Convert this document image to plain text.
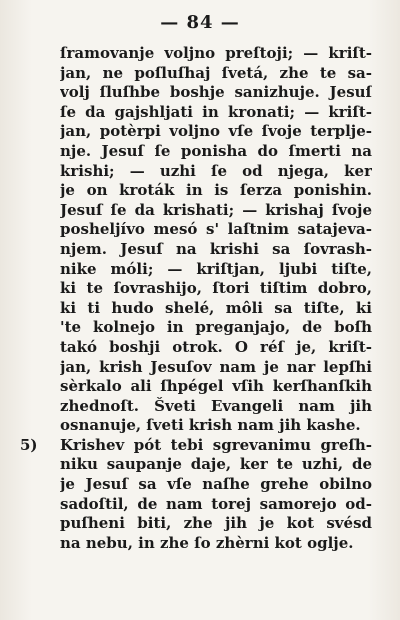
— 84 —
ſramovanje voljno preſtoji; — kriſt-
jan, ne poſluſhaj ſvetá, zhe te sa-
volj ſluſhbe boshje sanizhuje. Jesuſ
ſe da gajshljati in kronati; — kriſt-
jan, potèrpi voljno vſe ſvoje terplje-
nje. Jesuſ ſe ponisha do ſmerti na
krishi; — uzhi ſe od njega, ker
je on kroták in is ſerza ponishin.
Jesuſ ſe da krishati; — krishaj ſvoje
posheljívo mesó s' laſtnim satajeva-
njem. Jesuſ na krishi sa ſovrash-
nike móli; — kriſtjan, ljubi tiſte,
ki te ſovrashijo, ſtori tiſtim dobro,
ki ti hudo shelé, môli sa tiſte, ki
'te kolnejo in preganjajo, de boſh
takó boshji otrok. O réſ je, kriſt-
jan, krish Jesuſov nam je nar lepſhi
sèrkalo ali ſhpégel vſih kerſhanſkih
zhednoſt. Šveti Evangeli nam jih
osnanuje, ſveti krish nam jih kashe.
Krishev pót tebi sgrevanimu greſh-
niku saupanje daje, ker te uzhi, de
je Jesuſ sa vſe naſhe grehe obilno
sadoſtil, de nam torej samorejo od-
puſheni biti, zhe jih je kot svésd
na nebu, in zhe ſo zhèrni kot oglje.
5)
